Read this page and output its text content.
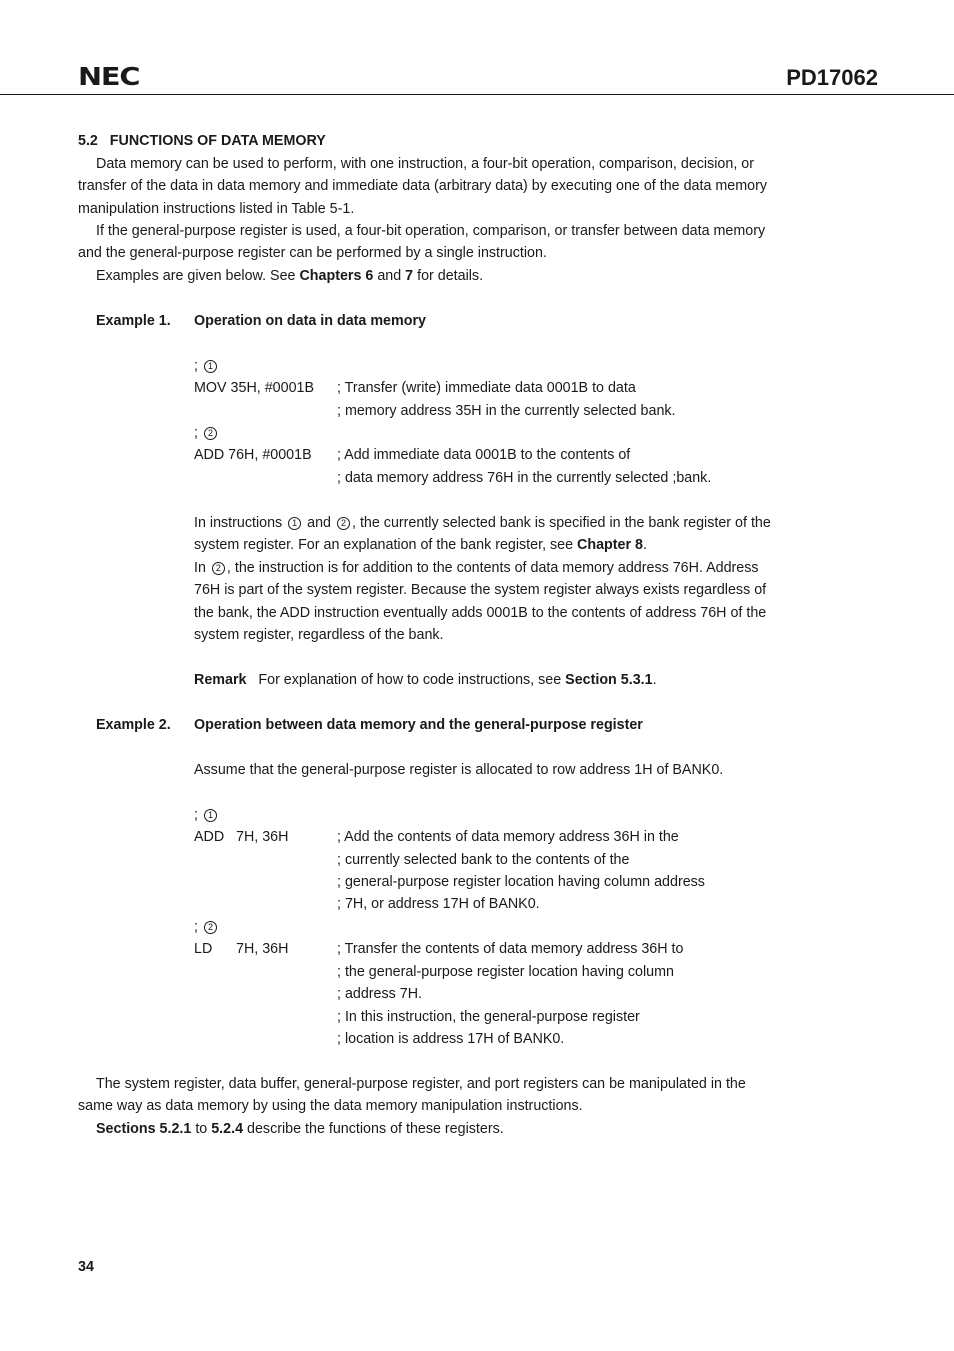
NEC	PD17062
5.2 FUNCTIONS OF DATA MEMORY
Data memory can be used to perform, with one instruction, a four-bit operation, comparison, decision, or
transfer of the data in data memory and immediate data (arbitrary data) by executing one of the data memory
manipulation instructions listed in Table 5-1.
If the general-purpose register is used, a four-bit operation, comparison, or transfer between data memory
and the general-purpose register can be performed by a single instruction.
Examples are given below. See Chapters 6 and 7 for details.
Example 1. Operation on data in data memory
; 1
MOV 35H, #0001B ; Transfer (write) immediate data 0001B to data
; memory address 35H in the currently selected bank.
; 2
ADD 76H, #0001B ; Add immediate data 0001B to the contents of
; data memory address 76H in the currently selected ;bank.
In instructions 1 and 2 , the currently selected bank is specified in the bank register of the
system register. For an explanation of the bank register, see Chapter 8.
In 2 , the instruction is for addition to the contents of data memory address 76H. Address
76H is part of the system register. Because the system register always exists regardless of
the bank, the ADD instruction eventually adds 0001B to the contents of address 76H of the
system register, regardless of the bank.
Remark For explanation of how to code instructions, see Section 5.3.1.
Example 2. Operation between data memory and the general-purpose register
Assume that the general-purpose register is allocated to row address 1H of BANK0.
; 1
ADD 7H, 36H	; Add the contents of data memory address 36H in the
; currently selected bank to the contents of the
; general-purpose register location having column address
; 7H, or address 17H of BANK0.
; 2
LD 7H, 36H	; Transfer the contents of data memory address 36H to
; the general-purpose register location having column
; address 7H.
; In this instruction, the general-purpose register
; location is address 17H of BANK0.
The system register, data buffer, general-purpose register, and port registers can be manipulated in the
same way as data memory by using the data memory manipulation instructions.
Sections 5.2.1 to 5.2.4 describe the functions of these registers.
34
